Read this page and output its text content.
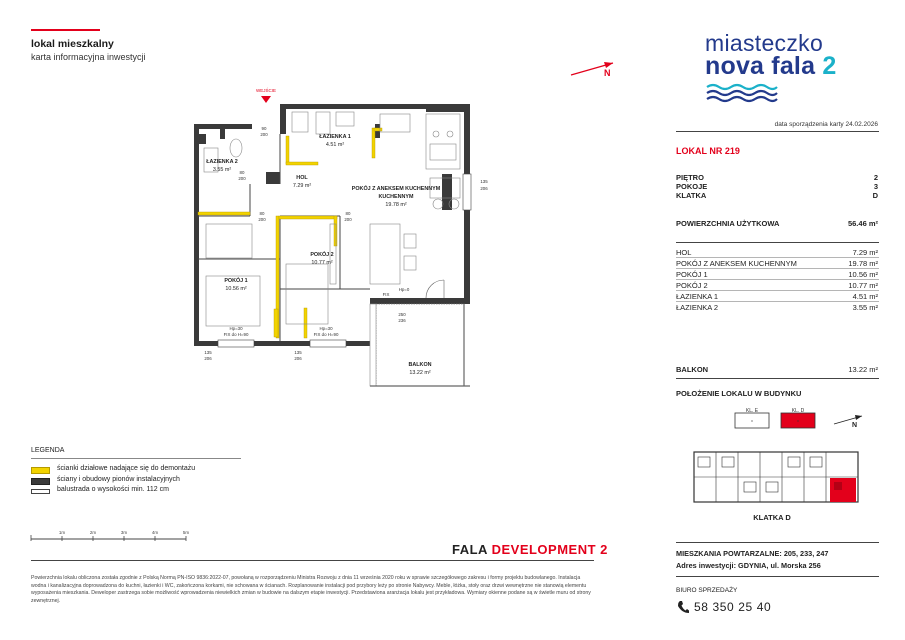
lokal mieszkalny
karta informacyjna inwestycji
miasteczko
nova fala 2
N
data sporządzenia karty 24.02.2026
LOKAL NR 219
PIĘTRO	2
POKOJE	3
KLATKA	D
POWIERZCHNIA UŻYTKOWA	56.46 m²
HOL	7.29 m²
POKÓJ Z ANEKSEM KUCHENNYM	19.78 m²
POKÓJ 1	10.56 m²
POKÓJ 2	10.77 m²
ŁAZIENKA 1	4.51 m²
ŁAZIENKA 2	3.55 m²
BALKON	13.22 m²
POŁOŻENIE LOKALU W BUDYNKU
KL. E	KL. D
KLATKA D
N
MIESZKANIA POWTARZALNE: 205, 233, 247
Adres inwestycji: GDYNIA, ul. Morska 256
BIURO SPRZEDAŻY
58 350 25 40
FALA DEVELOPMENT 2
LEGENDA
ścianki działowe nadające się do demontażu
ściany i obudowy pionów instalacyjnych
balustrada o wysokości min. 112 cm
1m	2m	3m	4m	5m
Powierzchnia lokalu obliczona została zgodnie z Polską Normą PN-ISO 9836:2022-07, powołaną w rozporządzeniu Ministra Rozwoju z dnia 11 września 2020 roku w sprawie szczegółowego zakresu i formy projektu budowlanego. Instalacja wodna i kanalizacyjna doprowadzona do kuchni, łazienki i WC, zakończona korkami, nie schowana w ścianach. Rozplanowanie instalacji pod przybory leży po stronie Nabywcy. Meble, łóżka, stoły oraz drzwi wewnętrzne nie stanowią elementu wyposażenia mieszkania. Deweloper zastrzega sobie możliwość wprowadzenia niewielkich zmian w budowie na dalszym etapie inwestycji. Przedstawiona aranżacja lokalu jest przykładowa. Wymiary okienne podane są w świetle muru od strony zewnętrznej.
WEJŚCIE
ŁAZIENKA 1
4.51 m²
ŁAZIENKA 2
3.55 m²
HOL
7.29 m²	POKÓJ Z ANEKSEM KUCHENNYM
KUCHENNYM
19.78 m²
POKÓJ 2
10.77 m²
POKÓJ 1
10.56 m²
BALKON
13.22 m²
90
200
80
200
80
200
80
200
135
206
250
236
135
206
135
206
Hp=0
Hp=30	Hp=30
FIX
FIX do H=90	FIX do H=90
